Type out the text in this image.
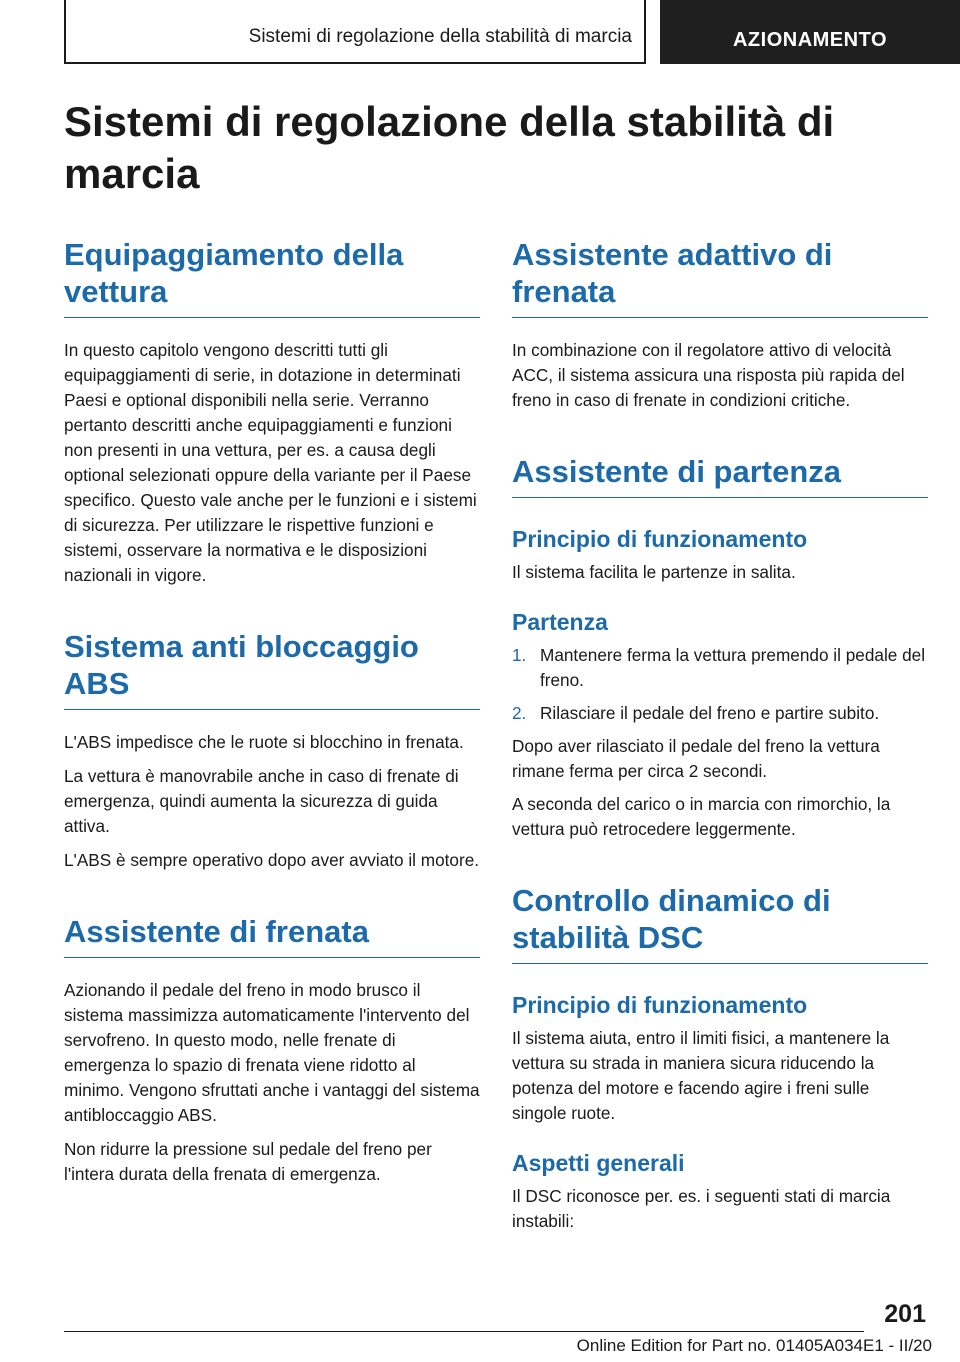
Sistemi di regolazione della stabilità di marcia	AZIONAMENTO
Sistemi di regolazione della stabilità di marcia
Equipaggiamento della vettura

In questo capitolo vengono descritti tutti gli equipaggiamenti di serie, in dotazione in determinati Paesi e optional disponibili nella serie. Verranno pertanto descritti anche equipaggiamenti e funzioni non presenti in una vettura, per es. a causa degli optional selezionati oppure della variante per il Paese specifico. Questo vale anche per le funzioni e i sistemi di sicurezza. Per utilizzare le rispettive funzioni e sistemi, osservare la normativa e le disposizioni nazionali in vigore.

Sistema anti bloccaggio ABS

L'ABS impedisce che le ruote si blocchino in frenata.

La vettura è manovrabile anche in caso di frenate di emergenza, quindi aumenta la sicurezza di guida attiva.

L'ABS è sempre operativo dopo aver avviato il motore.

Assistente di frenata

Azionando il pedale del freno in modo brusco il sistema massimizza automaticamente l'intervento del servofreno. In questo modo, nelle frenate di emergenza lo spazio di frenata viene ridotto al minimo. Vengono sfruttati anche i vantaggi del sistema antibloccaggio ABS.

Non ridurre la pressione sul pedale del freno per l'intera durata della frenata di emergenza.

Assistente adattivo di frenata

In combinazione con il regolatore attivo di velocità ACC, il sistema assicura una risposta più rapida del freno in caso di frenate in condizioni critiche.

Assistente di partenza
Principio di funzionamento

Il sistema facilita le partenze in salita.

Partenza
1. Mantenere ferma la vettura premendo il pedale del freno.
2. Rilasciare il pedale del freno e partire subito.

Dopo aver rilasciato il pedale del freno la vettura rimane ferma per circa 2 secondi.

A seconda del carico o in marcia con rimorchio, la vettura può retrocedere leggermente.

Controllo dinamico di stabilità DSC
Principio di funzionamento

Il sistema aiuta, entro il limiti fisici, a mantenere la vettura su strada in maniera sicura riducendo la potenza del motore e facendo agire i freni sulle singole ruote.

Aspetti generali

Il DSC riconosce per. es. i seguenti stati di marcia instabili:

201
Online Edition for Part no. 01405A034E1 - II/20
